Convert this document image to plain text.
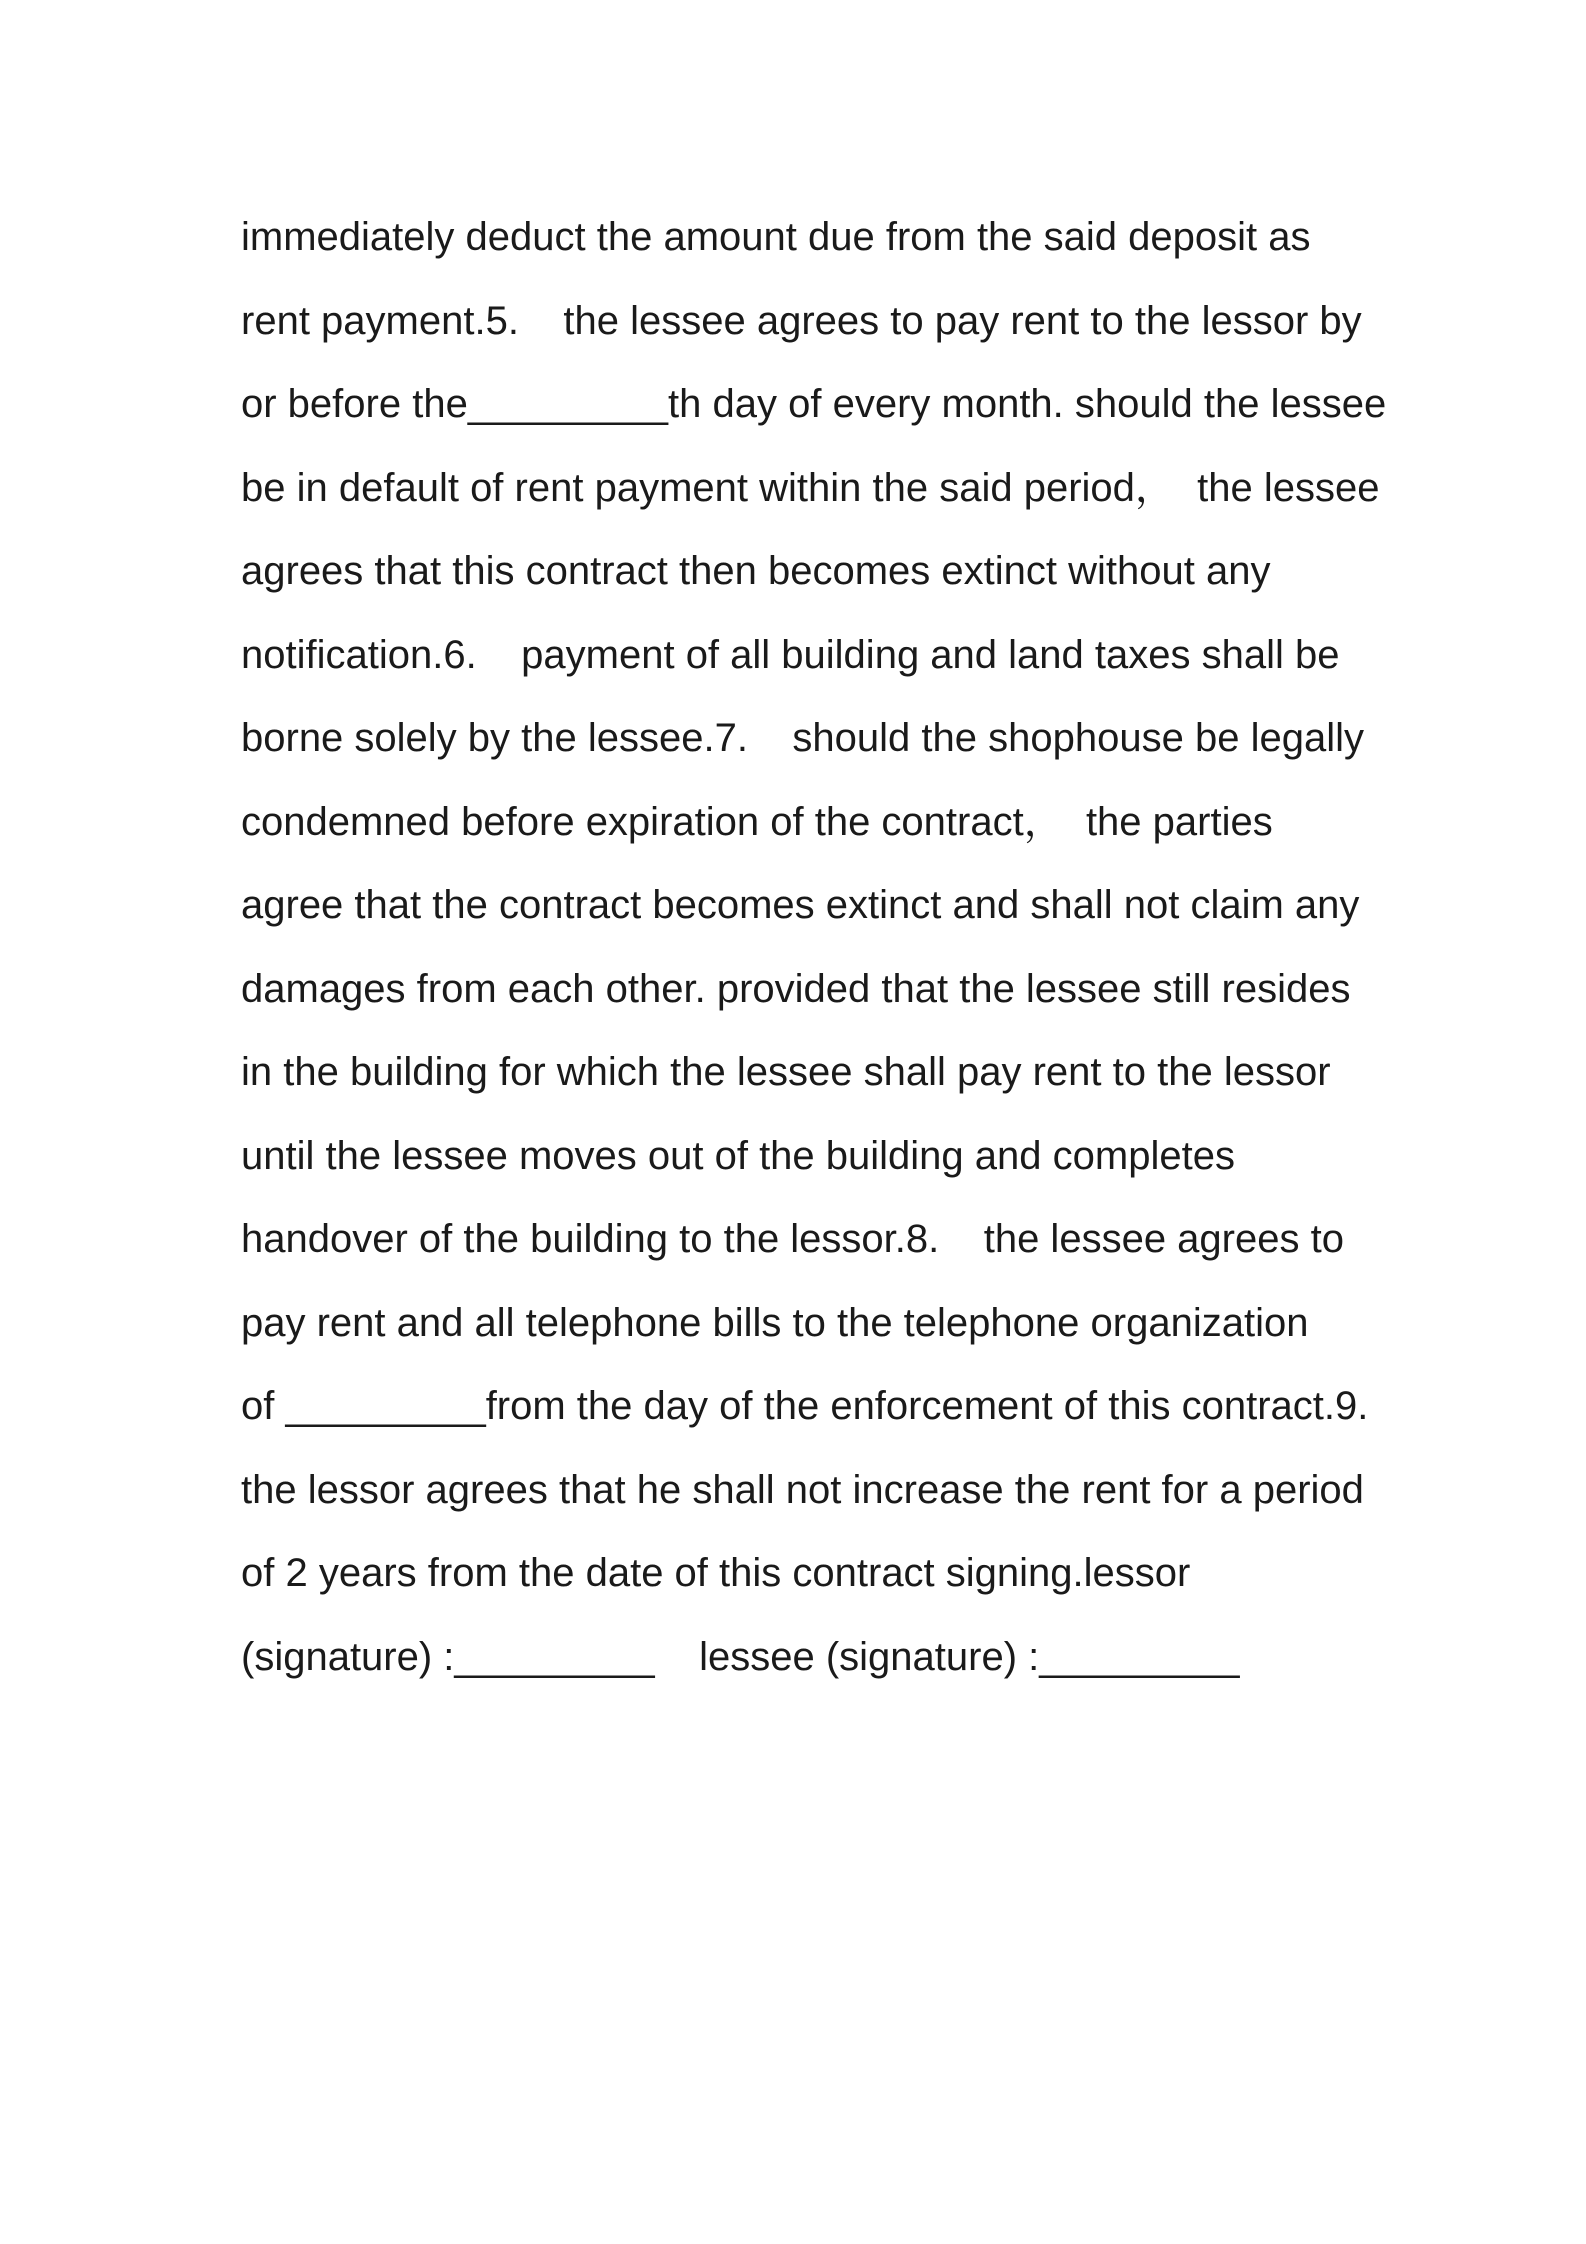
immediately deduct the amount due from the said deposit as
rent payment.5.    the lessee agrees to pay rent to the lessor by
or before the_________th day of every month. should the lessee
be in default of rent payment within the said period，  the lessee
agrees that this contract then becomes extinct without any
notification.6.    payment of all building and land taxes shall be
borne solely by the lessee.7.    should the shophouse be legally
condemned before expiration of the contract，  the parties
agree that the contract becomes extinct and shall not claim any
damages from each other. provided that the lessee still resides
in the building for which the lessee shall pay rent to the lessor
until the lessee moves out of the building and completes
handover of the building to the lessor.8.    the lessee agrees to
pay rent and all telephone bills to the telephone organization
of _________from the day of the enforcement of this contract.9.
the lessor agrees that he shall not increase the rent for a period
of 2 years from the date of this contract signing.lessor
(signature) :_________    lessee (signature) :_________
